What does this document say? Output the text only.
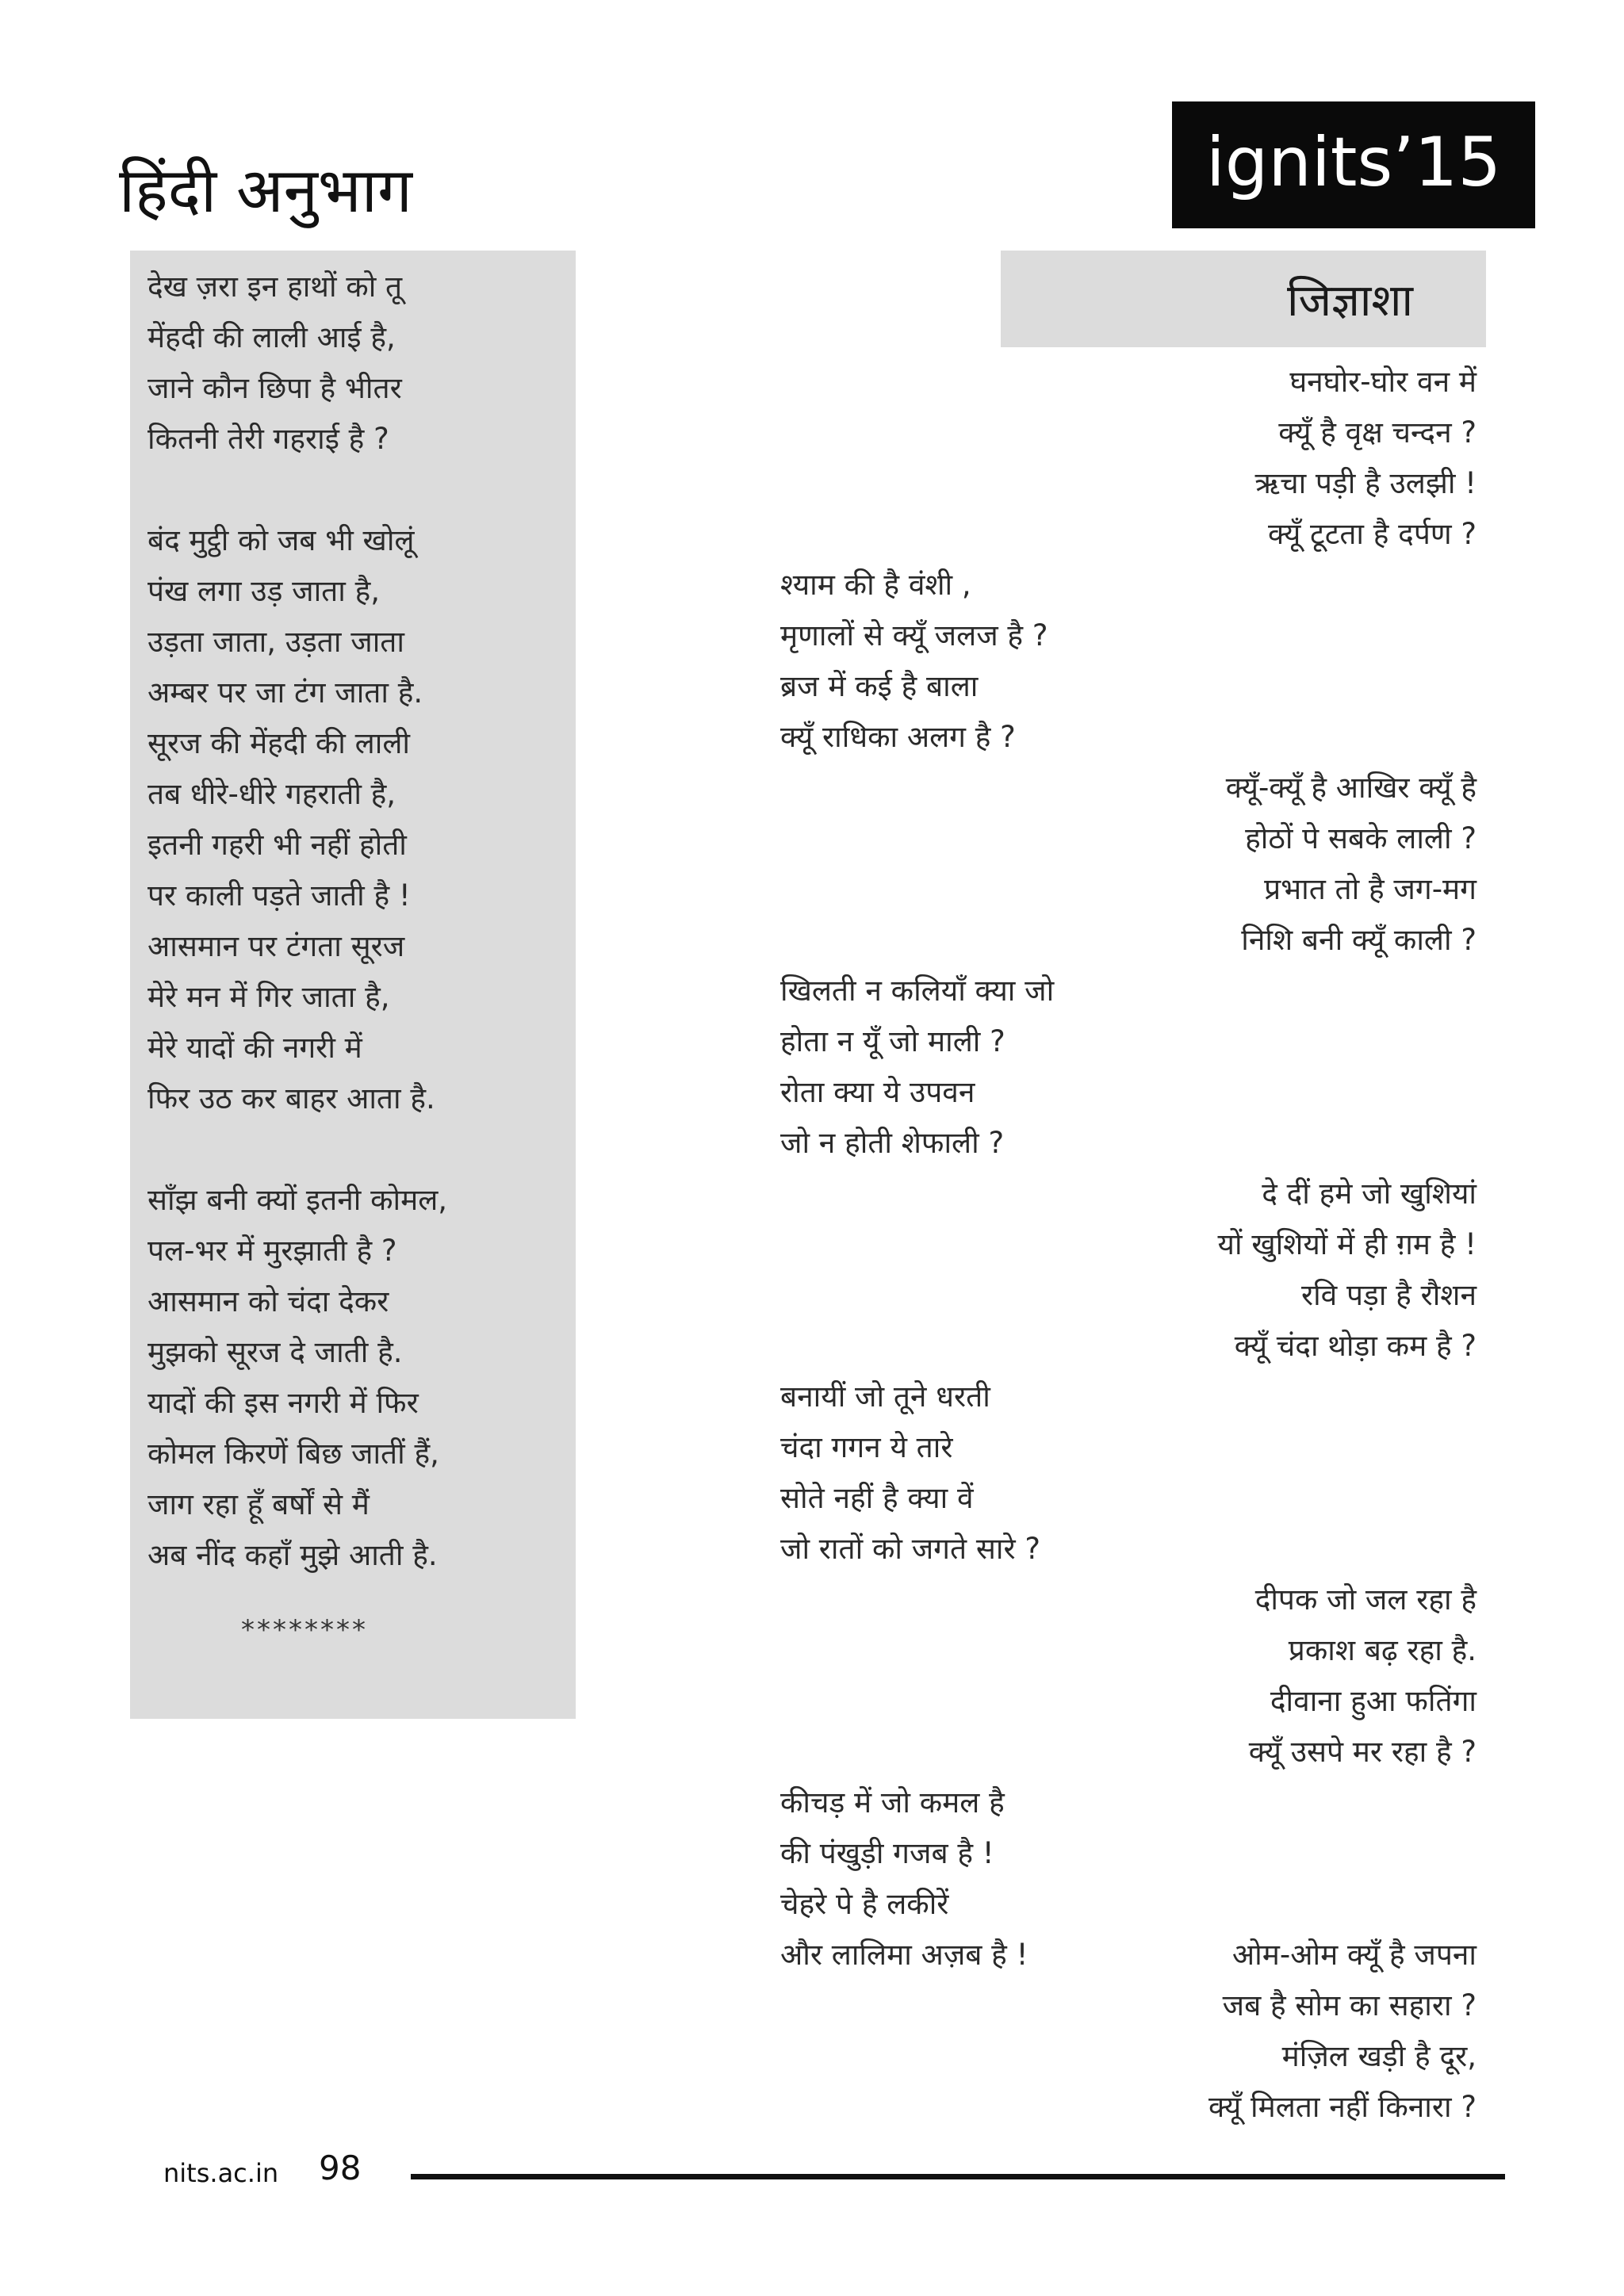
हिंदी अनुभाग	ignits’15
देख ज़रा इन हाथों को तू
मेंहदी की लाली आई है,
जाने कौन छिपा है भीतर
कितनी तेरी गहराई है ?
बंद मुट्ठी को जब भी खोलूं
पंख लगा उड़ जाता है,
उड़ता जाता, उड़ता जाता
अम्बर पर जा टंग जाता है.
सूरज की मेंहदी की लाली
तब धीरे-धीरे गहराती है,
इतनी गहरी भी नहीं होती
पर काली पड़ते जाती है !
आसमान पर टंगता सूरज
मेरे मन में गिर जाता है,
मेरे यादों की नगरी में
फिर उठ कर बाहर आता है.
साँझ बनी क्यों इतनी कोमल,
पल-भर में मुरझाती है ?
आसमान को चंदा देकर
मुझको सूरज दे जाती है.
यादों की इस नगरी में फिर
कोमल किरणें बिछ जातीं हैं,
जाग रहा हूँ बर्षों से मैं
अब नींद कहाँ मुझे आती है.
********
जिज्ञाशा
घनघोर-घोर वन में
क्यूँ है वृक्ष चन्दन ?
ऋचा पड़ी है उलझी !
क्यूँ टूटता है दर्पण ?
श्याम की है वंशी ,
मृणालों से क्यूँ जलज है ?
ब्रज में कई है बाला
क्यूँ राधिका अलग है ?
क्यूँ-क्यूँ है आखिर क्यूँ है
होठों पे सबके लाली ?
प्रभात तो है जग-मग
निशि बनी क्यूँ काली ?
खिलती न कलियाँ क्या जो
होता न यूँ जो माली ?
रोता क्या ये उपवन
जो न होती शेफाली ?
दे दीं हमे जो खुशियां
यों खुशियों में ही ग़म है !
रवि पड़ा है रौशन
क्यूँ चंदा थोड़ा कम है ?
बनायीं जो तूने धरती
चंदा गगन ये तारे
सोते नहीं है क्या वें
जो रातों को जगते सारे ?
दीपक जो जल रहा है
प्रकाश बढ़ रहा है.
दीवाना हुआ फतिंगा
क्यूँ उसपे मर रहा है ?
कीचड़ में जो कमल है
की पंखुड़ी गजब है !
चेहरे पे है लकीरें
और लालिमा अज़ब है !	ओम-ओम क्यूँ है जपना
जब है सोम का सहारा ?
मंज़िल खड़ी है दूर,
क्यूँ मिलता नहीं किनारा ?
nits.ac.in 98
